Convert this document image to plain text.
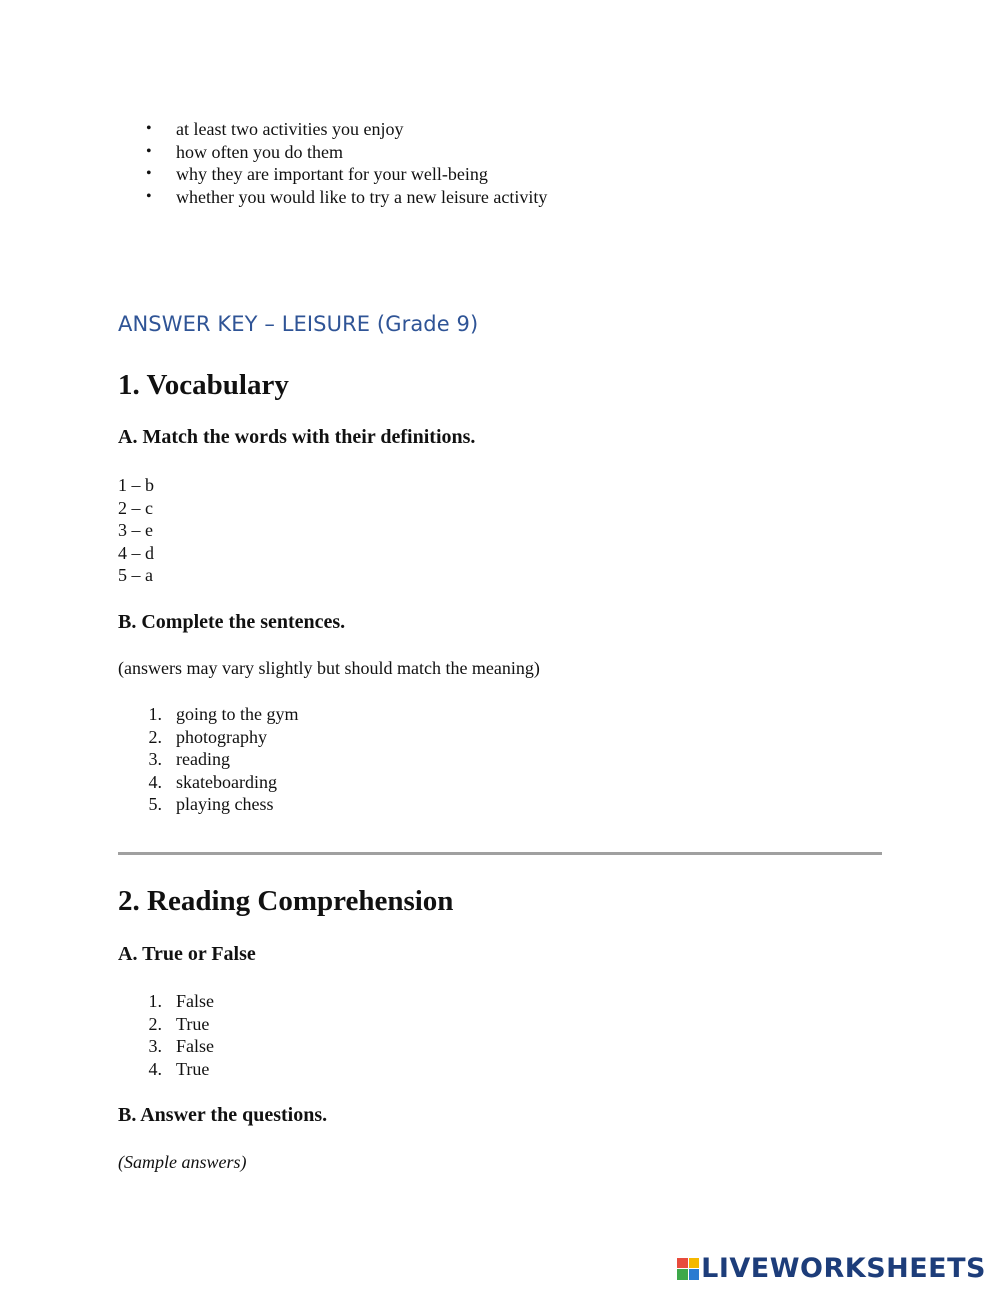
• at least two activities you enjoy
• how often you do them
• why they are important for your well-being
• whether you would like to try a new leisure activity
ANSWER KEY – LEISURE (Grade 9)
1. Vocabulary
A. Match the words with their definitions.
1 – b
2 – c
3 – e
4 – d
5 – a
B. Complete the sentences.

(answers may vary slightly but should match the meaning)

1. going to the gym
2. photography
3. reading
4. skateboarding
5. playing chess
2. Reading Comprehension
A. True or False
1. False
2. True
3. False
4. True
B. Answer the questions.

(Sample answers)

LIVEWORKSHEETS
